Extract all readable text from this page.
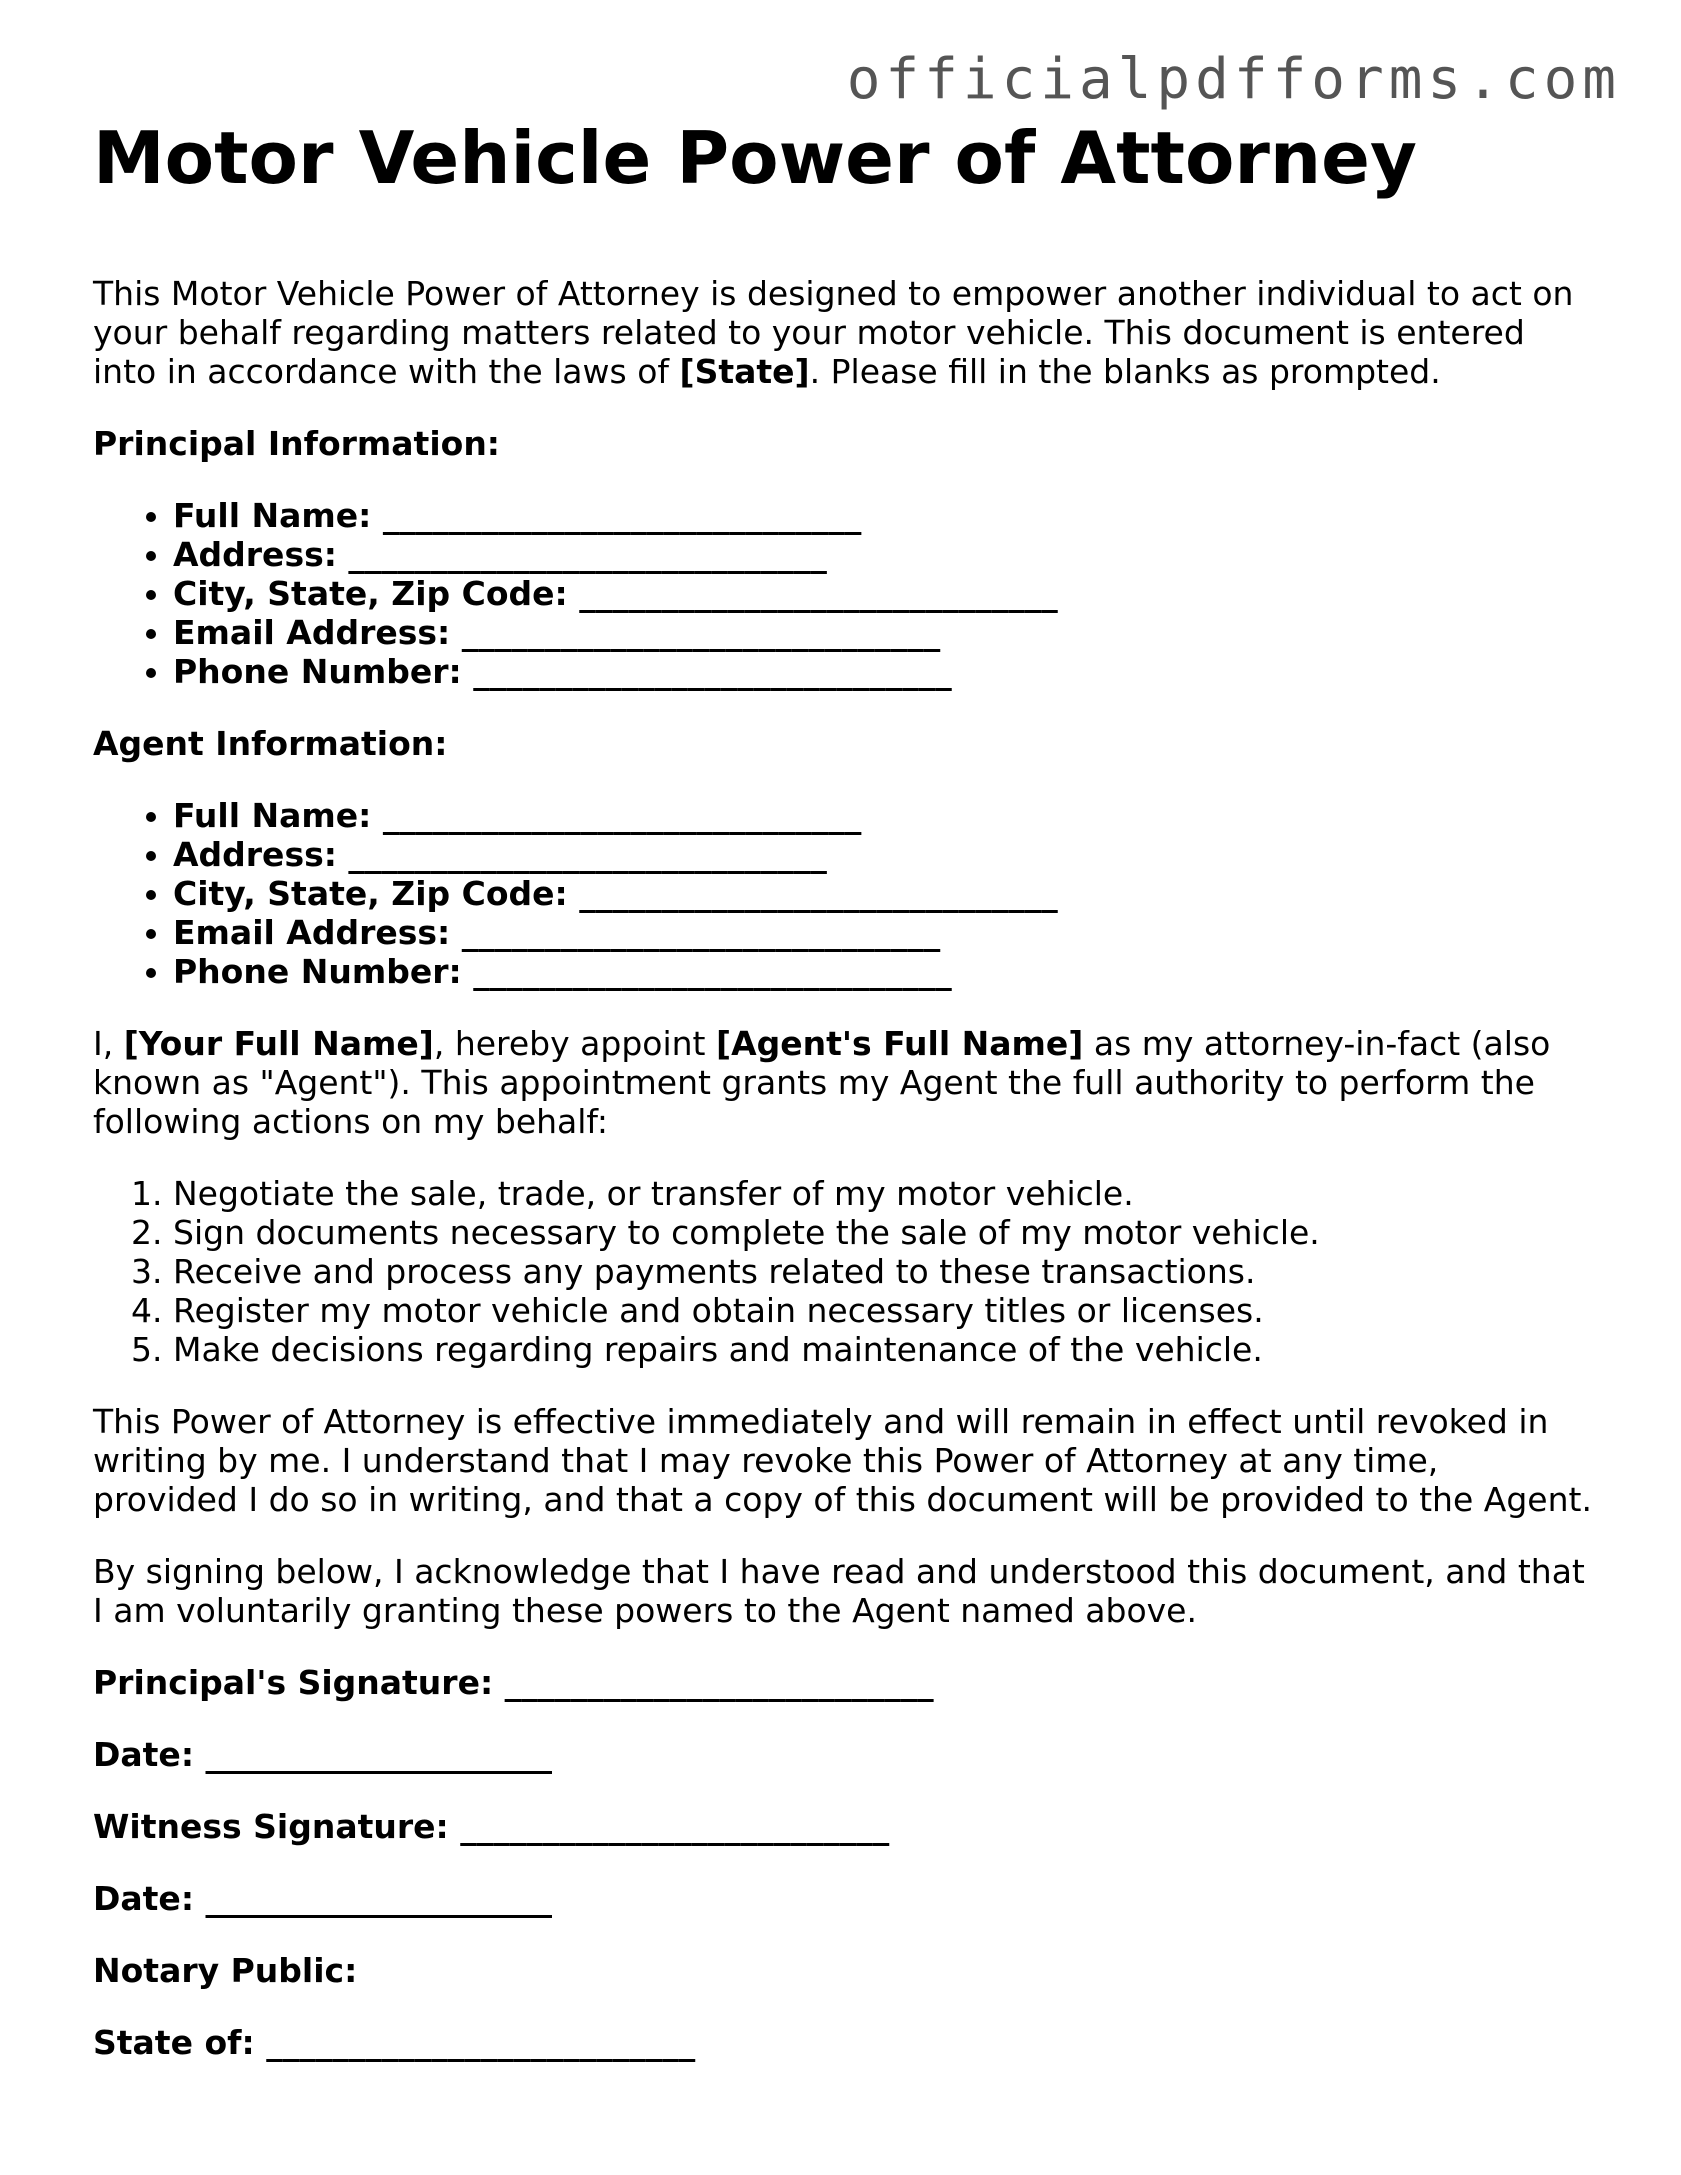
officialpdfforms.com
Motor Vehicle Power of Attorney

This Motor Vehicle Power of Attorney is designed to empower another individual to act on your behalf regarding matters related to your motor vehicle. This document is entered into in accordance with the laws of [State]. Please fill in the blanks as prompted.

Principal Information:

• Full Name: _____________________________
• Address: _____________________________
• City, State, Zip Code: _____________________________
• Email Address: _____________________________
• Phone Number: _____________________________

Agent Information:

• Full Name: _____________________________
• Address: _____________________________
• City, State, Zip Code: _____________________________
• Email Address: _____________________________
• Phone Number: _____________________________

I, [Your Full Name], hereby appoint [Agent's Full Name] as my attorney-in-fact (also known as "Agent"). This appointment grants my Agent the full authority to perform the following actions on my behalf:

1. Negotiate the sale, trade, or transfer of my motor vehicle.
2. Sign documents necessary to complete the sale of my motor vehicle.
3. Receive and process any payments related to these transactions.
4. Register my motor vehicle and obtain necessary titles or licenses.
5. Make decisions regarding repairs and maintenance of the vehicle.

This Power of Attorney is effective immediately and will remain in effect until revoked in writing by me. I understand that I may revoke this Power of Attorney at any time, provided I do so in writing, and that a copy of this document will be provided to the Agent.

By signing below, I acknowledge that I have read and understood this document, and that I am voluntarily granting these powers to the Agent named above.

Principal's Signature: __________________________

Date: _____________________

Witness Signature: __________________________

Date: _____________________

Notary Public:

State of: __________________________
